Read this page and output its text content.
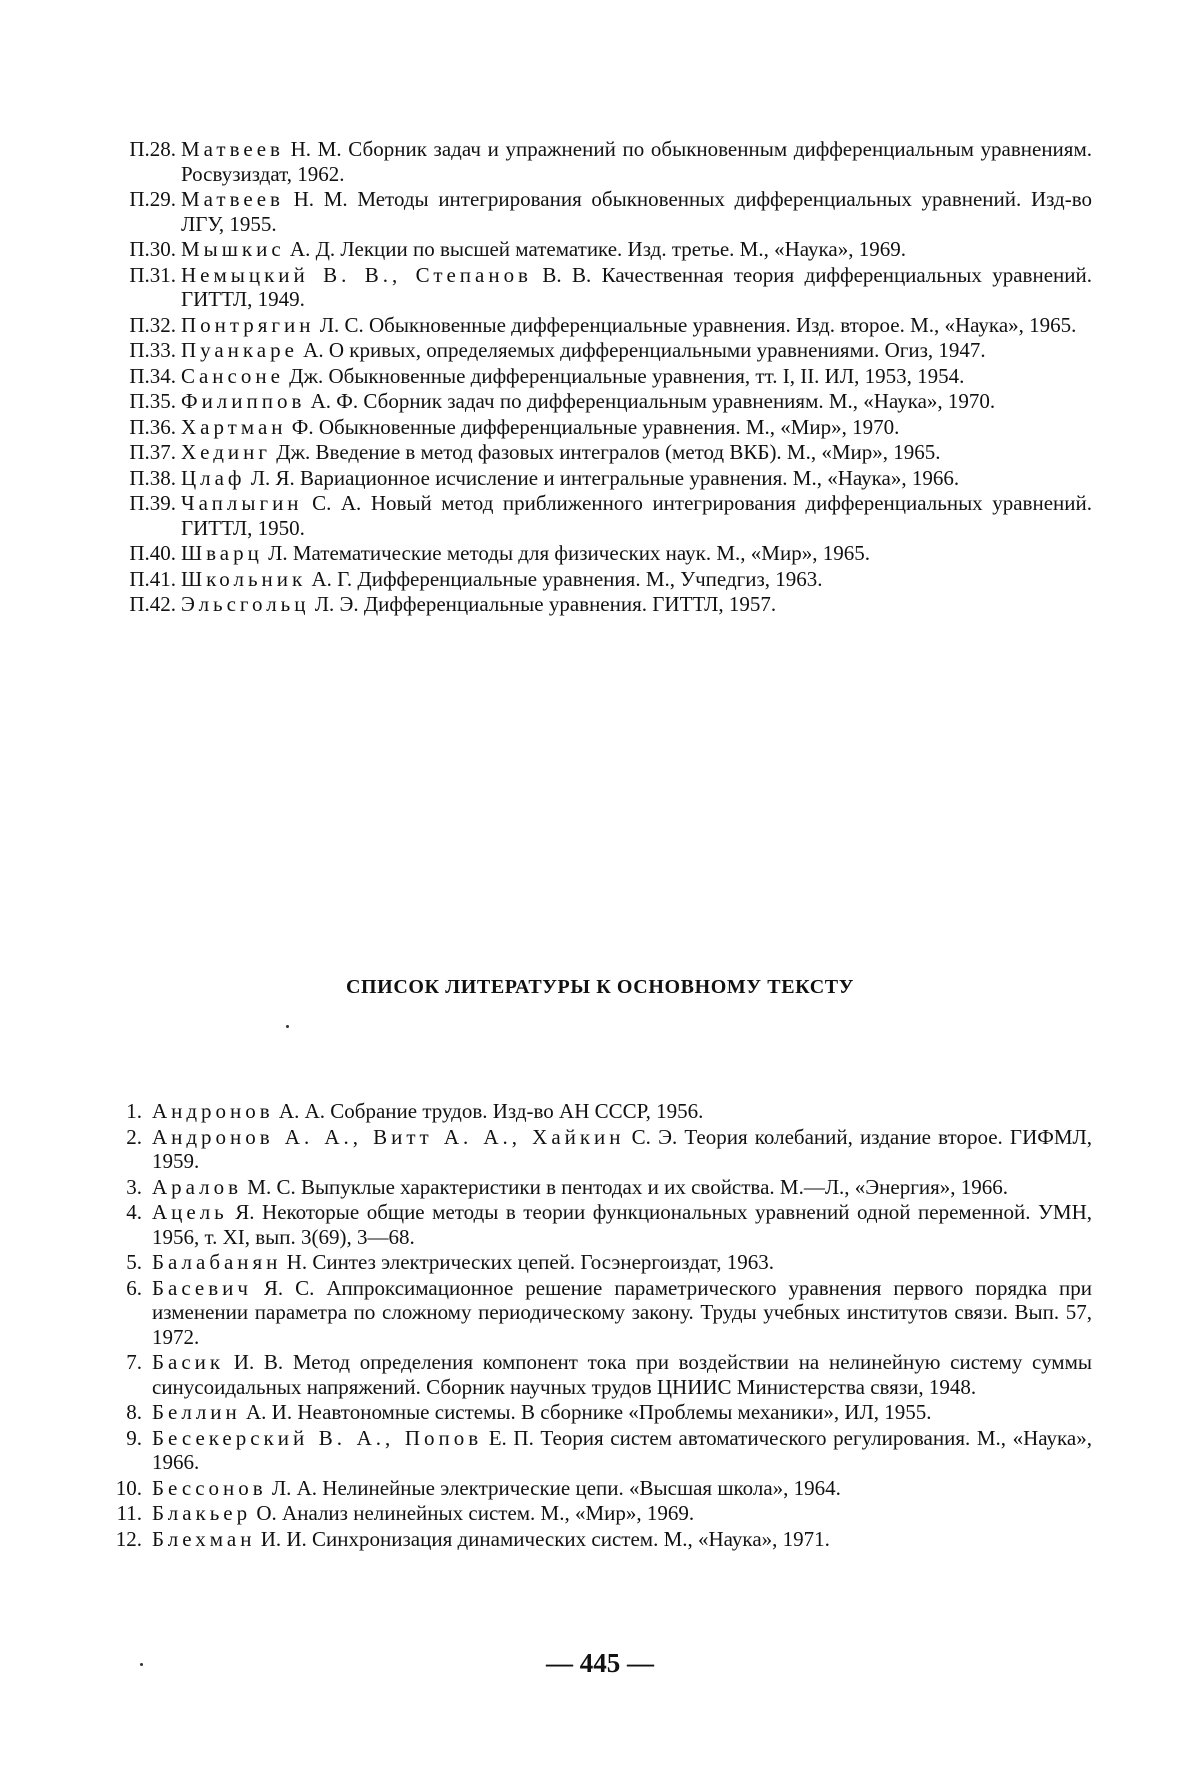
П.28. Матвеев Н. М. Сборник задач и упражнений по обыкновенным дифференциальным уравнениям. Росвузиздат, 1962.
П.29. Матвеев Н. М. Методы интегрирования обыкновенных дифференциальных уравнений. Изд-во ЛГУ, 1955.
П.30. Мышкис А. Д. Лекции по высшей математике. Изд. третье. М., «Наука», 1969.
П.31. Немыцкий В. В., Степанов В. В. Качественная теория дифференциальных уравнений. ГИТТЛ, 1949.
П.32. Понтрягин Л. С. Обыкновенные дифференциальные уравнения. Изд. второе. М., «Наука», 1965.
П.33. Пуанкаре А. О кривых, определяемых дифференциальными уравнениями. Огиз, 1947.
П.34. Сансоне Дж. Обыкновенные дифференциальные уравнения, тт. I, II. ИЛ, 1953, 1954.
П.35. Филиппов А. Ф. Сборник задач по дифференциальным уравнениям. М., «Наука», 1970.
П.36. Хартман Ф. Обыкновенные дифференциальные уравнения. М., «Мир», 1970.
П.37. Хединг Дж. Введение в метод фазовых интегралов (метод ВКБ). М., «Мир», 1965.
П.38. Цлаф Л. Я. Вариационное исчисление и интегральные уравнения. М., «Наука», 1966.
П.39. Чаплыгин С. А. Новый метод приближенного интегрирования дифференциальных уравнений. ГИТТЛ, 1950.
П.40. Шварц Л. Математические методы для физических наук. М., «Мир», 1965.
П.41. Школьник А. Г. Дифференциальные уравнения. М., Учпедгиз, 1963.
П.42. Эльсгольц Л. Э. Дифференциальные уравнения. ГИТТЛ, 1957.
СПИСОК ЛИТЕРАТУРЫ К ОСНОВНОМУ ТЕКСТУ
1. Андронов А. А. Собрание трудов. Изд-во АН СССР, 1956.
2. Андронов А. А., Витт А. А., Хайкин С. Э. Теория колебаний, издание второе. ГИФМЛ, 1959.
3. Аралов М. С. Выпуклые характеристики в пентодах и их свойства. М.—Л., «Энергия», 1966.
4. Ацель Я. Некоторые общие методы в теории функциональных уравнений одной переменной. УМН, 1956, т. XI, вып. 3(69), 3—68.
5. Балабанян Н. Синтез электрических цепей. Госэнергоиздат, 1963.
6. Басевич Я. С. Аппроксимационное решение параметрического уравнения первого порядка при изменении параметра по сложному периодическому закону. Труды учебных институтов связи. Вып. 57, 1972.
7. Басик И. В. Метод определения компонент тока при воздействии на нелинейную систему суммы синусоидальных напряжений. Сборник научных трудов ЦНИИС Министерства связи, 1948.
8. Беллин А. И. Неавтономные системы. В сборнике «Проблемы механики», ИЛ, 1955.
9. Бесекерский В. А., Попов Е. П. Теория систем автоматического регулирования. М., «Наука», 1966.
10. Бессонов Л. А. Нелинейные электрические цепи. «Высшая школа», 1964.
11. Блакьер О. Анализ нелинейных систем. М., «Мир», 1969.
12. Блехман И. И. Синхронизация динамических систем. М., «Наука», 1971.
— 445 —
